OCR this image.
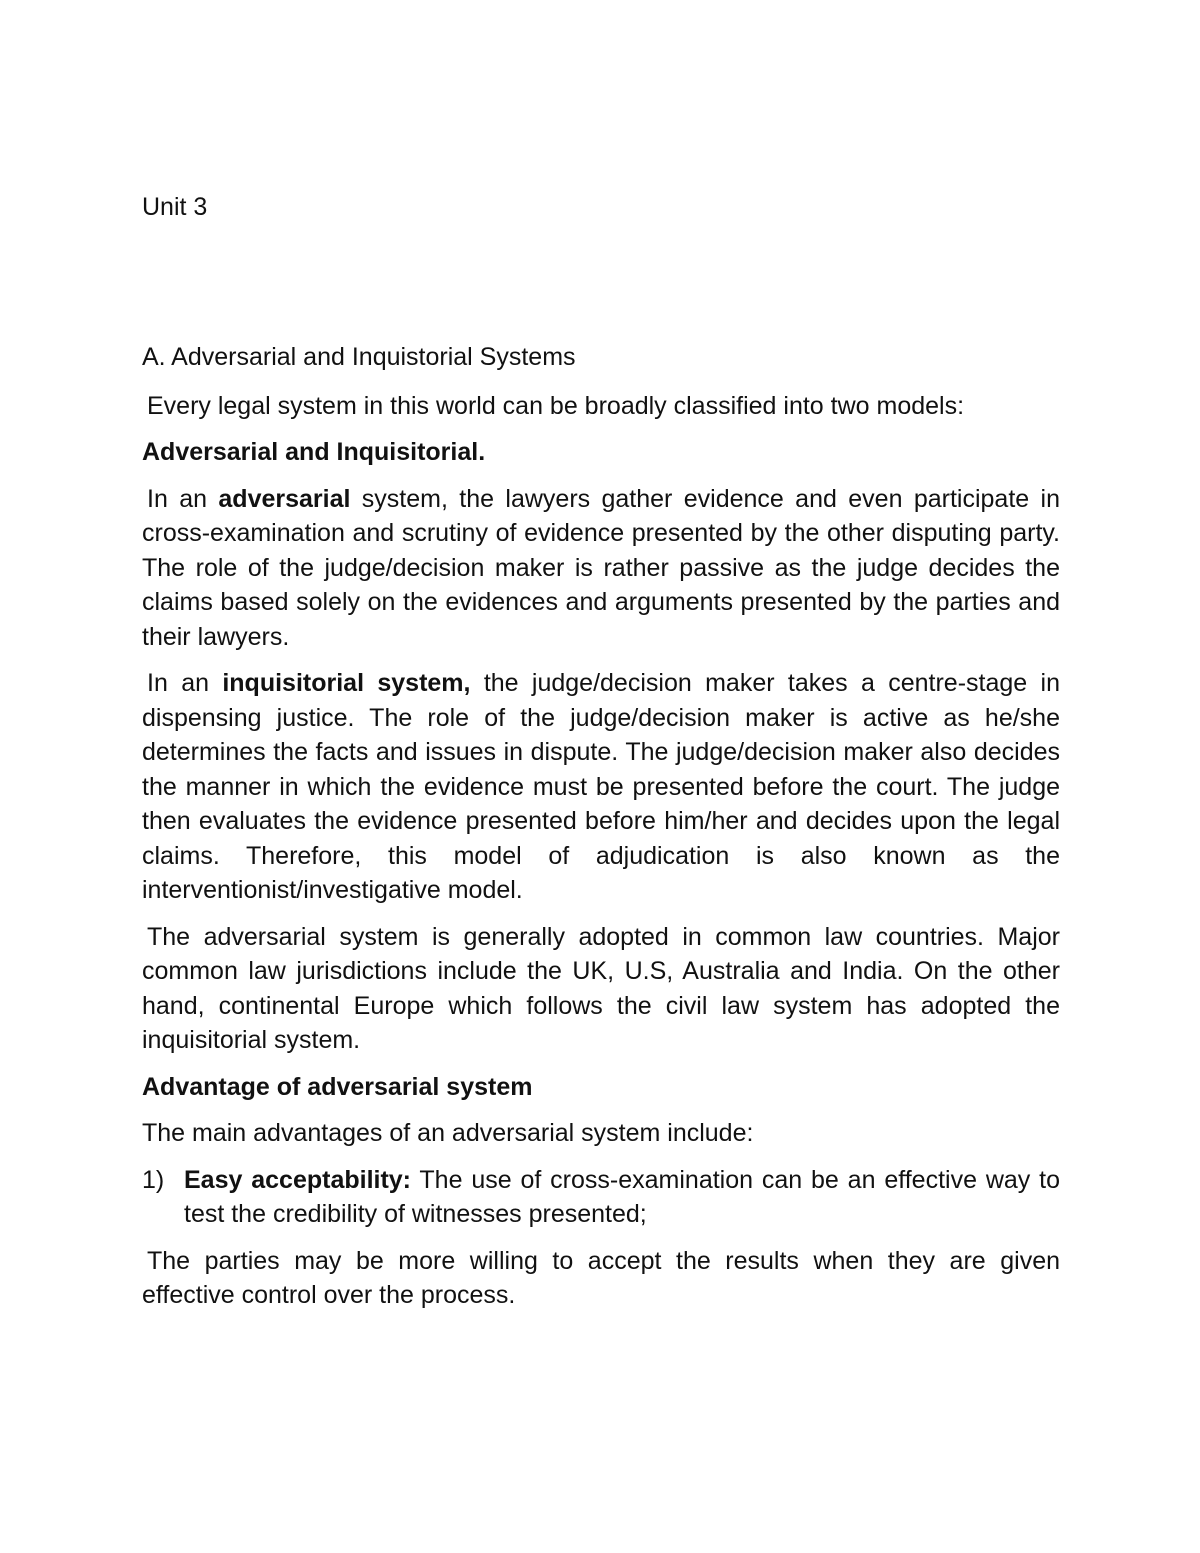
Unit 3

A. Adversarial and Inquistorial Systems

Every legal system in this world can be broadly classified into two models:

Adversarial and Inquisitorial.

In an adversarial system, the lawyers gather evidence and even participate in cross-examination and scrutiny of evidence presented by the other disputing party. The role of the judge/decision maker is rather passive as the judge decides the claims based solely on the evidences and arguments presented by the parties and their lawyers.

In an inquisitorial system, the judge/decision maker takes a centre-stage in dispensing justice. The role of the judge/decision maker is active as he/she determines the facts and issues in dispute. The judge/decision maker also decides the manner in which the evidence must be presented before the court. The judge then evaluates the evidence presented before him/her and decides upon the legal claims. Therefore, this model of adjudication is also known as the interventionist/investigative model.

The adversarial system is generally adopted in common law countries. Major common law jurisdictions include the UK, U.S, Australia and India. On the other hand, continental Europe which follows the civil law system has adopted the inquisitorial system.

Advantage of adversarial system

The main advantages of an adversarial system include:

1) Easy acceptability: The use of cross-examination can be an effective way to test the credibility of witnesses presented;

The parties may be more willing to accept the results when they are given effective control over the process.
